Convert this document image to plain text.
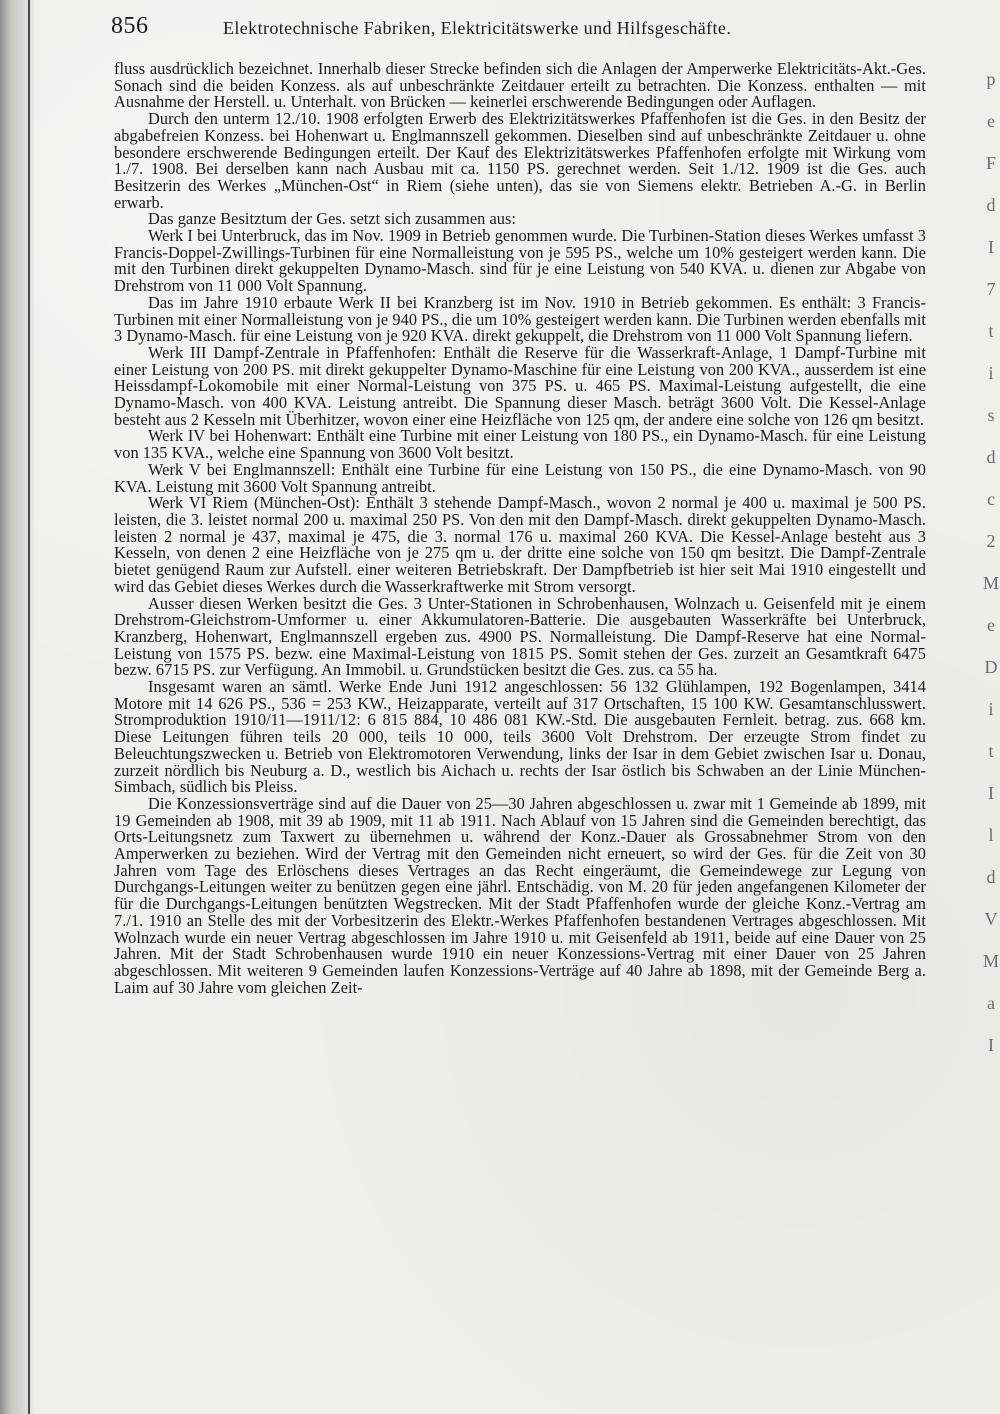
856	Elektrotechnische Fabriken, Elektricitätswerke und Hilfsgeschäfte.

fluss ausdrücklich bezeichnet. Innerhalb dieser Strecke befinden sich die Anlagen der Amperwerke Elektricitäts-Akt.-Ges. Sonach sind die beiden Konzess. als auf unbeschränkte Zeitdauer erteilt zu betrachten. Die Konzess. enthalten — mit Ausnahme der Herstell. u. Unterhalt. von Brücken — keinerlei erschwerende Bedingungen oder Auflagen.

Durch den unterm 12./10. 1908 erfolgten Erwerb des Elektrizitätswerkes Pfaffenhofen ist die Ges. in den Besitz der abgabefreien Konzess. bei Hohenwart u. Englmannszell gekommen. Dieselben sind auf unbeschränkte Zeitdauer u. ohne besondere erschwerende Bedingungen erteilt. Der Kauf des Elektrizitätswerkes Pfaffenhofen erfolgte mit Wirkung vom 1./7. 1908. Bei derselben kann nach Ausbau mit ca. 1150 PS. gerechnet werden. Seit 1./12. 1909 ist die Ges. auch Besitzerin des Werkes „München-Ost“ in Riem (siehe unten), das sie von Siemens elektr. Betrieben A.-G. in Berlin erwarb.

Das ganze Besitztum der Ges. setzt sich zusammen aus:

Werk I bei Unterbruck, das im Nov. 1909 in Betrieb genommen wurde. Die Turbinen-Station dieses Werkes umfasst 3 Francis-Doppel-Zwillings-Turbinen für eine Normalleistung von je 595 PS., welche um 10% gesteigert werden kann. Die mit den Turbinen direkt gekuppelten Dynamo-Masch. sind für je eine Leistung von 540 KVA. u. dienen zur Abgabe von Drehstrom von 11 000 Volt Spannung.

Das im Jahre 1910 erbaute Werk II bei Kranzberg ist im Nov. 1910 in Betrieb gekommen. Es enthält: 3 Francis-Turbinen mit einer Normalleistung von je 940 PS., die um 10% gesteigert werden kann. Die Turbinen werden ebenfalls mit 3 Dynamo-Masch. für eine Leistung von je 920 KVA. direkt gekuppelt, die Drehstrom von 11 000 Volt Spannung liefern.

Werk III Dampf-Zentrale in Pfaffenhofen: Enthält die Reserve für die Wasserkraft-Anlage, 1 Dampf-Turbine mit einer Leistung von 200 PS. mit direkt gekuppelter Dynamo-Maschine für eine Leistung von 200 KVA., ausserdem ist eine Heissdampf-Lokomobile mit einer Normal-Leistung von 375 PS. u. 465 PS. Maximal-Leistung aufgestellt, die eine Dynamo-Masch. von 400 KVA. Leistung antreibt. Die Spannung dieser Masch. beträgt 3600 Volt. Die Kessel-Anlage besteht aus 2 Kesseln mit Überhitzer, wovon einer eine Heizfläche von 125 qm, der andere eine solche von 126 qm besitzt.

Werk IV bei Hohenwart: Enthält eine Turbine mit einer Leistung von 180 PS., ein Dynamo-Masch. für eine Leistung von 135 KVA., welche eine Spannung von 3600 Volt besitzt.

Werk V bei Englmannszell: Enthält eine Turbine für eine Leistung von 150 PS., die eine Dynamo-Masch. von 90 KVA. Leistung mit 3600 Volt Spannung antreibt.

Werk VI Riem (München-Ost): Enthält 3 stehende Dampf-Masch., wovon 2 normal je 400 u. maximal je 500 PS. leisten, die 3. leistet normal 200 u. maximal 250 PS. Von den mit den Dampf-Masch. direkt gekuppelten Dynamo-Masch. leisten 2 normal je 437, maximal je 475, die 3. normal 176 u. maximal 260 KVA. Die Kessel-Anlage besteht aus 3 Kesseln, von denen 2 eine Heizfläche von je 275 qm u. der dritte eine solche von 150 qm besitzt. Die Dampf-Zentrale bietet genügend Raum zur Aufstell. einer weiteren Betriebskraft. Der Dampfbetrieb ist hier seit Mai 1910 eingestellt und wird das Gebiet dieses Werkes durch die Wasserkraftwerke mit Strom versorgt.

Ausser diesen Werken besitzt die Ges. 3 Unter-Stationen in Schrobenhausen, Wolnzach u. Geisenfeld mit je einem Drehstrom-Gleichstrom-Umformer u. einer Akkumulatoren-Batterie. Die ausgebauten Wasserkräfte bei Unterbruck, Kranzberg, Hohenwart, Englmannszell ergeben zus. 4900 PS. Normalleistung. Die Dampf-Reserve hat eine Normal-Leistung von 1575 PS. bezw. eine Maximal-Leistung von 1815 PS. Somit stehen der Ges. zurzeit an Gesamtkraft 6475 bezw. 6715 PS. zur Verfügung. An Immobil. u. Grundstücken besitzt die Ges. zus. ca 55 ha.

Insgesamt waren an sämtl. Werke Ende Juni 1912 angeschlossen: 56 132 Glühlampen, 192 Bogenlampen, 3414 Motore mit 14 626 PS., 536 = 253 KW., Heizapparate, verteilt auf 317 Ortschaften, 15 100 KW. Gesamtanschlusswert. Stromproduktion 1910/11—1911/12: 6 815 884, 10 486 081 KW.-Std. Die ausgebauten Fernleit. betrag. zus. 668 km. Diese Leitungen führen teils 20 000, teils 10 000, teils 3600 Volt Drehstrom. Der erzeugte Strom findet zu Beleuchtungszwecken u. Betrieb von Elektromotoren Verwendung, links der Isar in dem Gebiet zwischen Isar u. Donau, zurzeit nördlich bis Neuburg a. D., westlich bis Aichach u. rechts der Isar östlich bis Schwaben an der Linie München-Simbach, südlich bis Pleiss.

Die Konzessionsverträge sind auf die Dauer von 25—30 Jahren abgeschlossen u. zwar mit 1 Gemeinde ab 1899, mit 19 Gemeinden ab 1908, mit 39 ab 1909, mit 11 ab 1911. Nach Ablauf von 15 Jahren sind die Gemeinden berechtigt, das Orts-Leitungsnetz zum Taxwert zu übernehmen u. während der Konz.-Dauer als Grossabnehmer Strom von den Amperwerken zu beziehen. Wird der Vertrag mit den Gemeinden nicht erneuert, so wird der Ges. für die Zeit von 30 Jahren vom Tage des Erlöschens dieses Vertrages an das Recht eingeräumt, die Gemeindewege zur Legung von Durchgangs-Leitungen weiter zu benützen gegen eine jährl. Entschädig. von M. 20 für jeden angefangenen Kilometer der für die Durchgangs-Leitungen benützten Wegstrecken. Mit der Stadt Pfaffenhofen wurde der gleiche Konz.-Vertrag am 7./1. 1910 an Stelle des mit der Vorbesitzerin des Elektr.-Werkes Pfaffenhofen bestandenen Vertrages abgeschlossen. Mit Wolnzach wurde ein neuer Vertrag abgeschlossen im Jahre 1910 u. mit Geisenfeld ab 1911, beide auf eine Dauer von 25 Jahren. Mit der Stadt Schrobenhausen wurde 1910 ein neuer Konzessions-Vertrag mit einer Dauer von 25 Jahren abgeschlossen. Mit weiteren 9 Gemeinden laufen Konzessions-Verträge auf 40 Jahre ab 1898, mit der Gemeinde Berg a. Laim auf 30 Jahre vom gleichen Zeit-

p
e
F
d
I
7
t
i
s
d
c
2
M
e
D
i
t
I
l
d
V
M
a
I
